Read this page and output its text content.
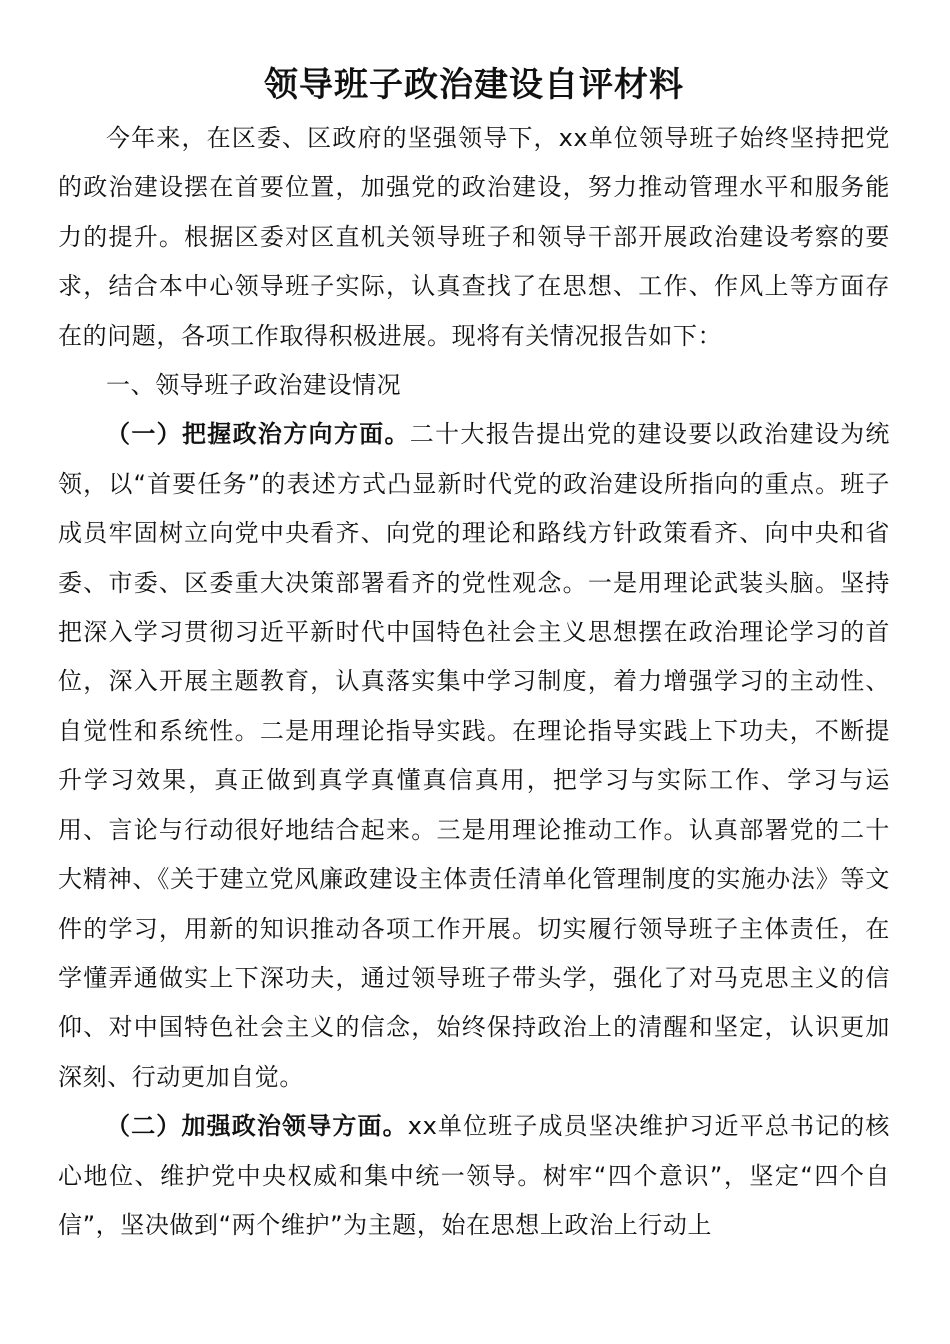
领导班子政治建设自评材料

今年来，在区委、区政府的坚强领导下，xx单位领导班子始终坚持把党的政治建设摆在首要位置，加强党的政治建设，努力推动管理水平和服务能力的提升。根据区委对区直机关领导班子和领导干部开展政治建设考察的要求，结合本中心领导班子实际，认真查找了在思想、工作、作风上等方面存在的问题，各项工作取得积极进展。现将有关情况报告如下：

一、领导班子政治建设情况

（一）把握政治方向方面。二十大报告提出党的建设要以政治建设为统领，以“首要任务”的表述方式凸显新时代党的政治建设所指向的重点。班子成员牢固树立向党中央看齐、向党的理论和路线方针政策看齐、向中央和省委、市委、区委重大决策部署看齐的党性观念。一是用理论武装头脑。坚持把深入学习贯彻习近平新时代中国特色社会主义思想摆在政治理论学习的首位，深入开展主题教育，认真落实集中学习制度，着力增强学习的主动性、自觉性和系统性。二是用理论指导实践。在理论指导实践上下功夫，不断提升学习效果，真正做到真学真懂真信真用，把学习与实际工作、学习与运用、言论与行动很好地结合起来。三是用理论推动工作。认真部署党的二十大精神、《关于建立党风廉政建设主体责任清单化管理制度的实施办法》等文件的学习，用新的知识推动各项工作开展。切实履行领导班子主体责任，在学懂弄通做实上下深功夫，通过领导班子带头学，强化了对马克思主义的信仰、对中国特色社会主义的信念，始终保持政治上的清醒和坚定，认识更加深刻、行动更加自觉。

（二）加强政治领导方面。xx单位班子成员坚决维护习近平总书记的核心地位、维护党中央权威和集中统一领导。树牢“四个意识”，坚定“四个自信”，坚决做到“两个维护”为主题，始在思想上政治上行动上
